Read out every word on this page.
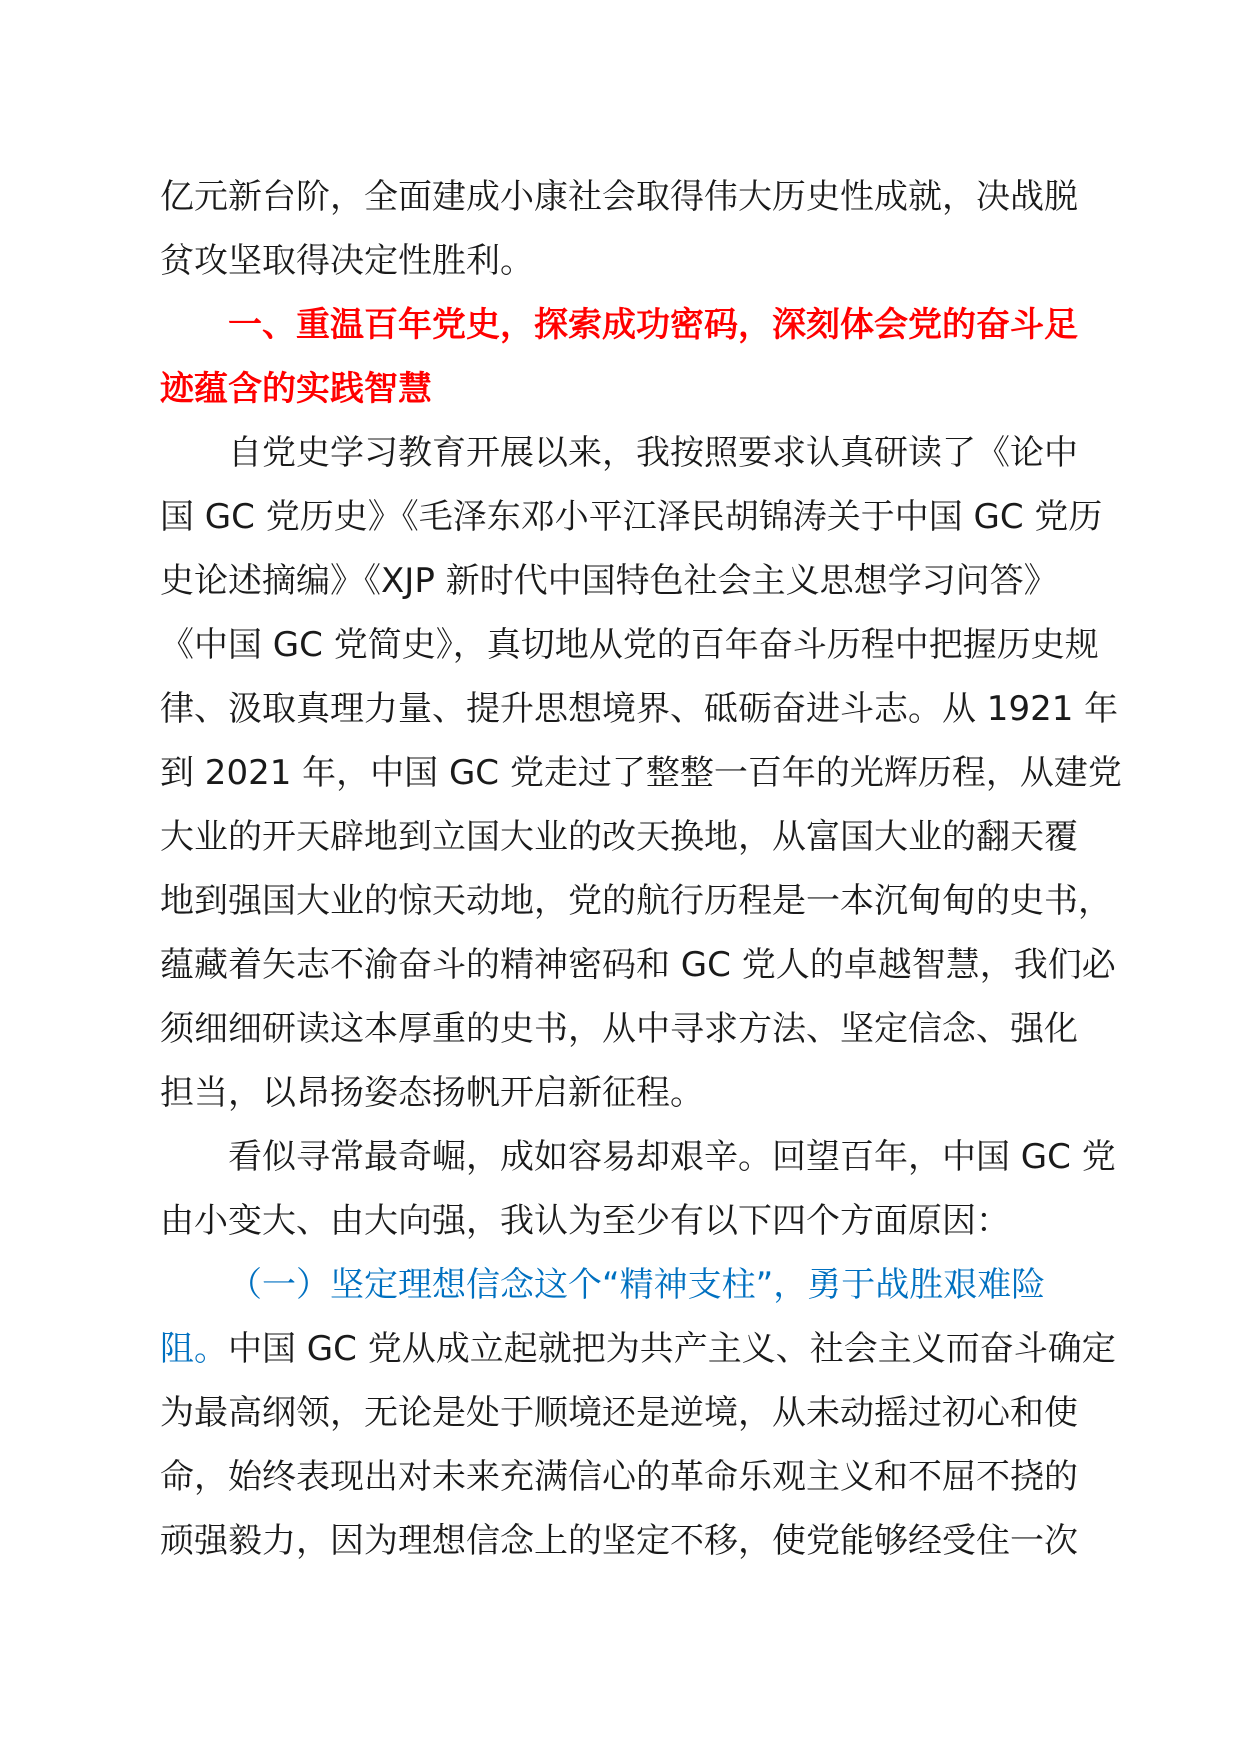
亿元新台阶，全面建成小康社会取得伟大历史性成就，决战脱
贫攻坚取得决定性胜利。
一、重温百年党史，探索成功密码，深刻体会党的奋斗足
迹蕴含的实践智慧
自党史学习教育开展以来，我按照要求认真研读了《论中
国 GC 党历史》《毛泽东邓小平江泽民胡锦涛关于中国 GC 党历
史论述摘编》《XJP 新时代中国特色社会主义思想学习问答》
《中国 GC 党简史》，真切地从党的百年奋斗历程中把握历史规
律、汲取真理力量、提升思想境界、砥砺奋进斗志。从 1921 年
到 2021 年，中国 GC 党走过了整整一百年的光辉历程，从建党
大业的开天辟地到立国大业的改天换地，从富国大业的翻天覆
地到强国大业的惊天动地，党的航行历程是一本沉甸甸的史书，
蕴藏着矢志不渝奋斗的精神密码和 GC 党人的卓越智慧，我们必
须细细研读这本厚重的史书，从中寻求方法、坚定信念、强化
担当，以昂扬姿态扬帆开启新征程。
看似寻常最奇崛，成如容易却艰辛。回望百年，中国 GC 党
由小变大、由大向强，我认为至少有以下四个方面原因：
（一）坚定理想信念这个“精神支柱”，勇于战胜艰难险
阻。中国 GC 党从成立起就把为共产主义、社会主义而奋斗确定
为最高纲领，无论是处于顺境还是逆境，从未动摇过初心和使
命，始终表现出对未来充满信心的革命乐观主义和不屈不挠的
顽强毅力，因为理想信念上的坚定不移，使党能够经受住一次
